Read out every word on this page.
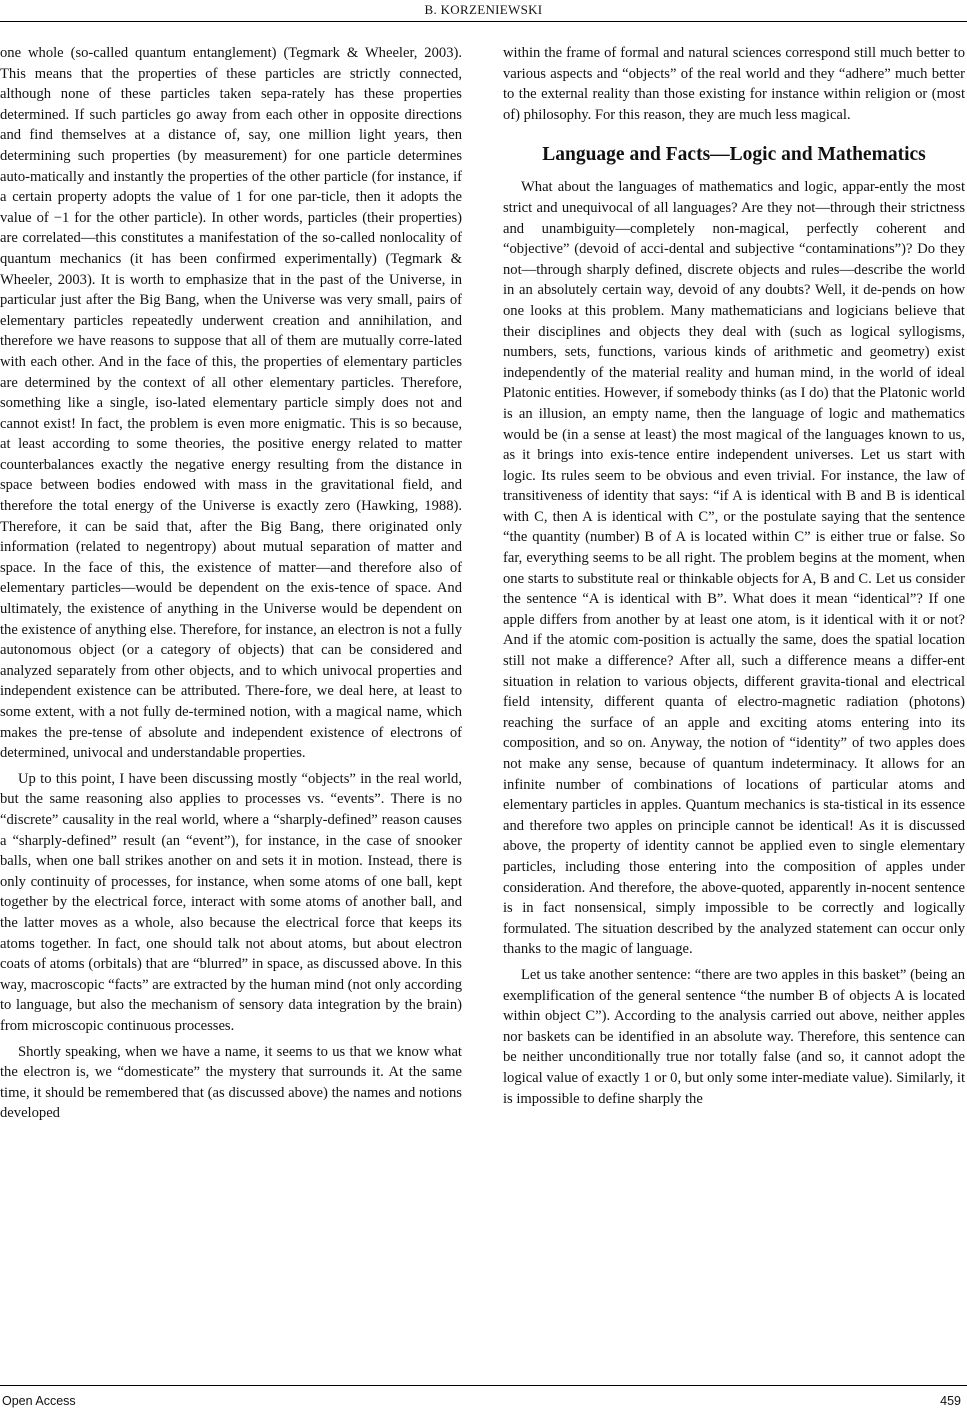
B. KORZENIEWSKI

one whole (so-called quantum entanglement) (Tegmark & Wheeler, 2003). This means that the properties of these particles are strictly connected, although none of these particles taken sepa-rately has these properties determined. If such particles go away from each other in opposite directions and find themselves at a distance of, say, one million light years, then determining such properties (by measurement) for one particle determines auto-matically and instantly the properties of the other particle (for instance, if a certain property adopts the value of 1 for one par-ticle, then it adopts the value of −1 for the other particle). In other words, particles (their properties) are correlated—this constitutes a manifestation of the so-called nonlocality of quantum mechanics (it has been confirmed experimentally) (Tegmark & Wheeler, 2003). It is worth to emphasize that in the past of the Universe, in particular just after the Big Bang, when the Universe was very small, pairs of elementary particles repeatedly underwent creation and annihilation, and therefore we have reasons to suppose that all of them are mutually corre-lated with each other. And in the face of this, the properties of elementary particles are determined by the context of all other elementary particles. Therefore, something like a single, iso-lated elementary particle simply does not and cannot exist! In fact, the problem is even more enigmatic. This is so because, at least according to some theories, the positive energy related to matter counterbalances exactly the negative energy resulting from the distance in space between bodies endowed with mass in the gravitational field, and therefore the total energy of the Universe is exactly zero (Hawking, 1988). Therefore, it can be said that, after the Big Bang, there originated only information (related to negentropy) about mutual separation of matter and space. In the face of this, the existence of matter—and therefore also of elementary particles—would be dependent on the exis-tence of space. And ultimately, the existence of anything in the Universe would be dependent on the existence of anything else. Therefore, for instance, an electron is not a fully autonomous object (or a category of objects) that can be considered and analyzed separately from other objects, and to which univocal properties and independent existence can be attributed. There-fore, we deal here, at least to some extent, with a not fully de-termined notion, with a magical name, which makes the pre-tense of absolute and independent existence of electrons of determined, univocal and understandable properties.

Up to this point, I have been discussing mostly “objects” in the real world, but the same reasoning also applies to processes vs. “events”. There is no “discrete” causality in the real world, where a “sharply-defined” reason causes a “sharply-defined” result (an “event”), for instance, in the case of snooker balls, when one ball strikes another on and sets it in motion. Instead, there is only continuity of processes, for instance, when some atoms of one ball, kept together by the electrical force, interact with some atoms of another ball, and the latter moves as a whole, also because the electrical force that keeps its atoms together. In fact, one should talk not about atoms, but about electron coats of atoms (orbitals) that are “blurred” in space, as discussed above. In this way, macroscopic “facts” are extracted by the human mind (not only according to language, but also the mechanism of sensory data integration by the brain) from microscopic continuous processes.

Shortly speaking, when we have a name, it seems to us that we know what the electron is, we “domesticate” the mystery that surrounds it. At the same time, it should be remembered that (as discussed above) the names and notions developed

within the frame of formal and natural sciences correspond still much better to various aspects and “objects” of the real world and they “adhere” much better to the external reality than those existing for instance within religion or (most of) philosophy. For this reason, they are much less magical.

Language and Facts—Logic and Mathematics

What about the languages of mathematics and logic, appar-ently the most strict and unequivocal of all languages? Are they not—through their strictness and unambiguity—completely non-magical, perfectly coherent and “objective” (devoid of acci-dental and subjective “contaminations”)? Do they not—through sharply defined, discrete objects and rules—describe the world in an absolutely certain way, devoid of any doubts? Well, it de-pends on how one looks at this problem. Many mathematicians and logicians believe that their disciplines and objects they deal with (such as logical syllogisms, numbers, sets, functions, various kinds of arithmetic and geometry) exist independently of the material reality and human mind, in the world of ideal Platonic entities. However, if somebody thinks (as I do) that the Platonic world is an illusion, an empty name, then the language of logic and mathematics would be (in a sense at least) the most magical of the languages known to us, as it brings into exis-tence entire independent universes. Let us start with logic. Its rules seem to be obvious and even trivial. For instance, the law of transitiveness of identity that says: “if A is identical with B and B is identical with C, then A is identical with C”, or the postulate saying that the sentence “the quantity (number) B of A is located within C” is either true or false. So far, everything seems to be all right. The problem begins at the moment, when one starts to substitute real or thinkable objects for A, B and C. Let us consider the sentence “A is identical with B”. What does it mean “identical”? If one apple differs from another by at least one atom, is it identical with it or not? And if the atomic com-position is actually the same, does the spatial location still not make a difference? After all, such a difference means a differ-ent situation in relation to various objects, different gravita-tional and electrical field intensity, different quanta of electro-magnetic radiation (photons) reaching the surface of an apple and exciting atoms entering into its composition, and so on. Anyway, the notion of “identity” of two apples does not make any sense, because of quantum indeterminacy. It allows for an infinite number of combinations of locations of particular atoms and elementary particles in apples. Quantum mechanics is sta-tistical in its essence and therefore two apples on principle cannot be identical! As it is discussed above, the property of identity cannot be applied even to single elementary particles, including those entering into the composition of apples under consideration. And therefore, the above-quoted, apparently in-nocent sentence is in fact nonsensical, simply impossible to be correctly and logically formulated. The situation described by the analyzed statement can occur only thanks to the magic of language.

Let us take another sentence: “there are two apples in this basket” (being an exemplification of the general sentence “the number B of objects A is located within object C”). According to the analysis carried out above, neither apples nor baskets can be identified in an absolute way. Therefore, this sentence can be neither unconditionally true nor totally false (and so, it cannot adopt the logical value of exactly 1 or 0, but only some inter-mediate value). Similarly, it is impossible to define sharply the

Open Access	459
